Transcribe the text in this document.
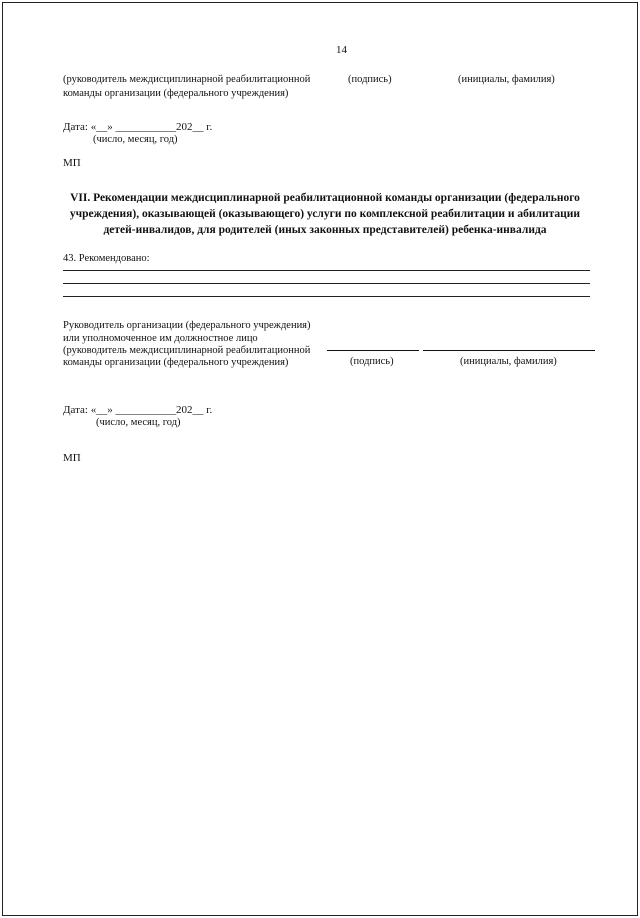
14
(руководитель междисциплинарной реабилитационной
команды организации (федерального учреждения)
(подпись)	(инициалы, фамилия)
Дата: «__» ___________202__ г.
(число, месяц, год)
МП
VII. Рекомендации междисциплинарной реабилитационной команды организации (федерального
учреждения), оказывающей (оказывающего) услуги по комплексной реабилитации и абилитации
детей-инвалидов, для родителей (иных законных представителей) ребенка-инвалида
43. Рекомендовано:
Руководитель организации (федерального учреждения)
или уполномоченное им должностное лицо
(руководитель междисциплинарной реабилитационной
команды организации (федерального учреждения)	(подпись)	(инициалы, фамилия)
Дата: «__» ___________202__ г.
(число, месяц, год)
МП
